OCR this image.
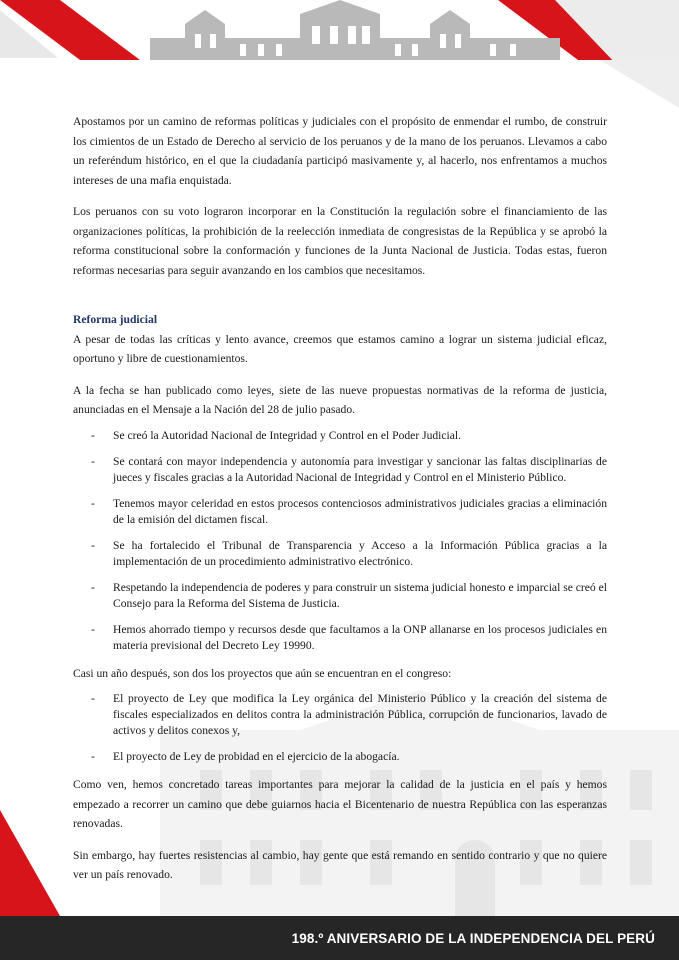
198.º ANIVERSARIO DE LA INDEPENDENCIA DEL PERÚ

Apostamos por un camino de reformas políticas y judiciales con el propósito de enmendar el rumbo, de construir los cimientos de un Estado de Derecho al servicio de los peruanos y de la mano de los peruanos. Llevamos a cabo un referéndum histórico, en el que la ciudadanía participó masivamente y, al hacerlo, nos enfrentamos a muchos intereses de una mafia enquistada.

Los peruanos con su voto lograron incorporar en la Constitución la regulación sobre el financiamiento de las organizaciones políticas, la prohibición de la reelección inmediata de congresistas de la República y se aprobó la reforma constitucional sobre la conformación y funciones de la Junta Nacional de Justicia. Todas estas, fueron reformas necesarias para seguir avanzando en los cambios que necesitamos.

Reforma judicial

A pesar de todas las críticas y lento avance, creemos que estamos camino a lograr un sistema judicial eficaz, oportuno y libre de cuestionamientos.

A la fecha se han publicado como leyes, siete de las nueve propuestas normativas de la reforma de justicia, anunciadas en el Mensaje a la Nación del 28 de julio pasado.

- Se creó la Autoridad Nacional de Integridad y Control en el Poder Judicial.
- Se contará con mayor independencia y autonomía para investigar y sancionar las faltas disciplinarias de jueces y fiscales gracias a la Autoridad Nacional de Integridad y Control en el Ministerio Público.
- Tenemos mayor celeridad en estos procesos contenciosos administrativos judiciales gracias a eliminación de la emisión del dictamen fiscal.
- Se ha fortalecido el Tribunal de Transparencia y Acceso a la Información Pública gracias a la implementación de un procedimiento administrativo electrónico.
- Respetando la independencia de poderes y para construir un sistema judicial honesto e imparcial se creó el Consejo para la Reforma del Sistema de Justicia.
- Hemos ahorrado tiempo y recursos desde que facultamos a la ONP allanarse en los procesos judiciales en materia previsional del Decreto Ley 19990.

Casi un año después, son dos los proyectos que aún se encuentran en el congreso:

- El proyecto de Ley que modifica la Ley orgánica del Ministerio Público y la creación del sistema de fiscales especializados en delitos contra la administración Pública, corrupción de funcionarios, lavado de activos y delitos conexos y,
- El proyecto de Ley de probidad en el ejercicio de la abogacía.

Como ven, hemos concretado tareas importantes para mejorar la calidad de la justicia en el país y hemos empezado a recorrer un camino que debe guiarnos hacia el Bicentenario de nuestra República con las esperanzas renovadas.

Sin embargo, hay fuertes resistencias al cambio, hay gente que está remando en sentido contrario y que no quiere ver un país renovado.
